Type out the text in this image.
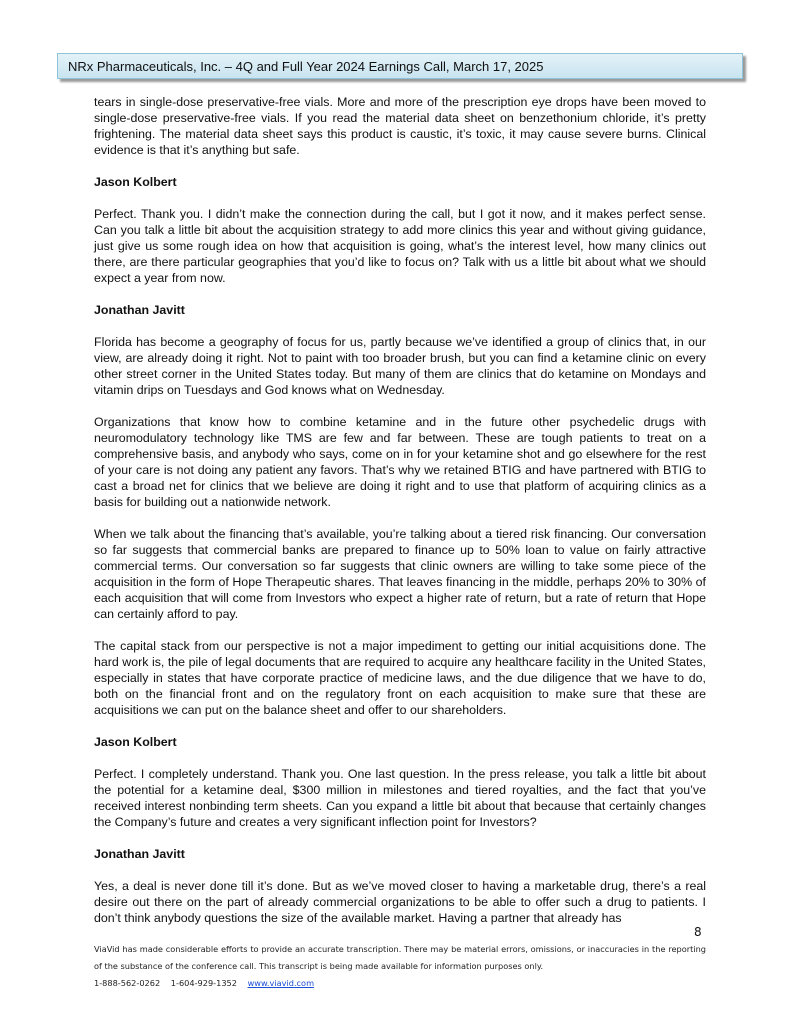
NRx Pharmaceuticals, Inc. – 4Q and Full Year 2024 Earnings Call, March 17, 2025

tears in single-dose preservative-free vials. More and more of the prescription eye drops have been moved to single-dose preservative-free vials. If you read the material data sheet on benzethonium chloride, it’s pretty frightening. The material data sheet says this product is caustic, it’s toxic, it may cause severe burns. Clinical evidence is that it’s anything but safe.

Jason Kolbert

Perfect. Thank you. I didn’t make the connection during the call, but I got it now, and it makes perfect sense. Can you talk a little bit about the acquisition strategy to add more clinics this year and without giving guidance, just give us some rough idea on how that acquisition is going, what’s the interest level, how many clinics out there, are there particular geographies that you’d like to focus on? Talk with us a little bit about what we should expect a year from now.

Jonathan Javitt

Florida has become a geography of focus for us, partly because we’ve identified a group of clinics that, in our view, are already doing it right. Not to paint with too broader brush, but you can find a ketamine clinic on every other street corner in the United States today. But many of them are clinics that do ketamine on Mondays and vitamin drips on Tuesdays and God knows what on Wednesday.

Organizations that know how to combine ketamine and in the future other psychedelic drugs with neuromodulatory technology like TMS are few and far between. These are tough patients to treat on a comprehensive basis, and anybody who says, come on in for your ketamine shot and go elsewhere for the rest of your care is not doing any patient any favors. That’s why we retained BTIG and have partnered with BTIG to cast a broad net for clinics that we believe are doing it right and to use that platform of acquiring clinics as a basis for building out a nationwide network.

When we talk about the financing that’s available, you’re talking about a tiered risk financing. Our conversation so far suggests that commercial banks are prepared to finance up to 50% loan to value on fairly attractive commercial terms. Our conversation so far suggests that clinic owners are willing to take some piece of the acquisition in the form of Hope Therapeutic shares. That leaves financing in the middle, perhaps 20% to 30% of each acquisition that will come from Investors who expect a higher rate of return, but a rate of return that Hope can certainly afford to pay.

The capital stack from our perspective is not a major impediment to getting our initial acquisitions done. The hard work is, the pile of legal documents that are required to acquire any healthcare facility in the United States, especially in states that have corporate practice of medicine laws, and the due diligence that we have to do, both on the financial front and on the regulatory front on each acquisition to make sure that these are acquisitions we can put on the balance sheet and offer to our shareholders.

Jason Kolbert

Perfect. I completely understand. Thank you. One last question. In the press release, you talk a little bit about the potential for a ketamine deal, $300 million in milestones and tiered royalties, and the fact that you’ve received interest nonbinding term sheets. Can you expand a little bit about that because that certainly changes the Company’s future and creates a very significant inflection point for Investors?

Jonathan Javitt

Yes, a deal is never done till it’s done. But as we’ve moved closer to having a marketable drug, there’s a real desire out there on the part of already commercial organizations to be able to offer such a drug to patients. I don’t think anybody questions the size of the available market. Having a partner that already has

8

ViaVid has made considerable efforts to provide an accurate transcription. There may be material errors, omissions, or inaccuracies in the reporting of the substance of the conference call. This transcript is being made available for information purposes only.

1-888-562-0262 1-604-929-1352 www.viavid.com
